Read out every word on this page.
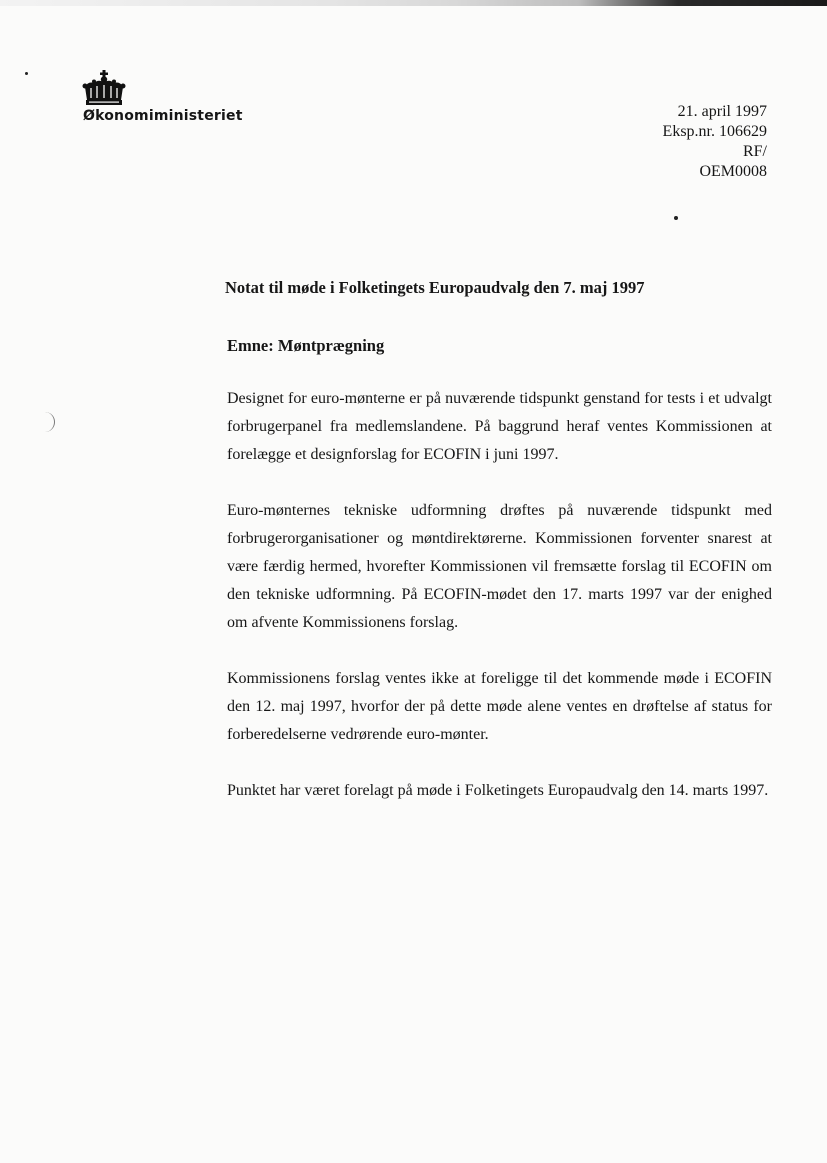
Økonomiministeriet	21. april 1997
Eksp.nr. 106629
RF/
OEM0008
Notat til møde i Folketingets Europaudvalg den 7. maj 1997
Emne: Møntprægning
Designet for euro-mønterne er på nuværende tidspunkt genstand for tests i et udvalgt forbrugerpanel fra medlemslandene. På baggrund heraf ventes Kommissionen at forelægge et designforslag for ECOFIN i juni 1997.
Euro-mønternes tekniske udformning drøftes på nuværende tidspunkt med forbrugerorganisationer og møntdirektørerne. Kommissionen forventer snarest at være færdig hermed, hvorefter Kommissionen vil fremsætte forslag til ECOFIN om den tekniske udformning. På ECOFIN-mødet den 17. marts 1997 var der enighed om afvente Kommissionens forslag.
Kommissionens forslag ventes ikke at foreligge til det kommende møde i ECOFIN den 12. maj 1997, hvorfor der på dette møde alene ventes en drøftelse af status for forberedelserne vedrørende euro-mønter.
Punktet har været forelagt på møde i Folketingets Europaudvalg den 14. marts 1997.
